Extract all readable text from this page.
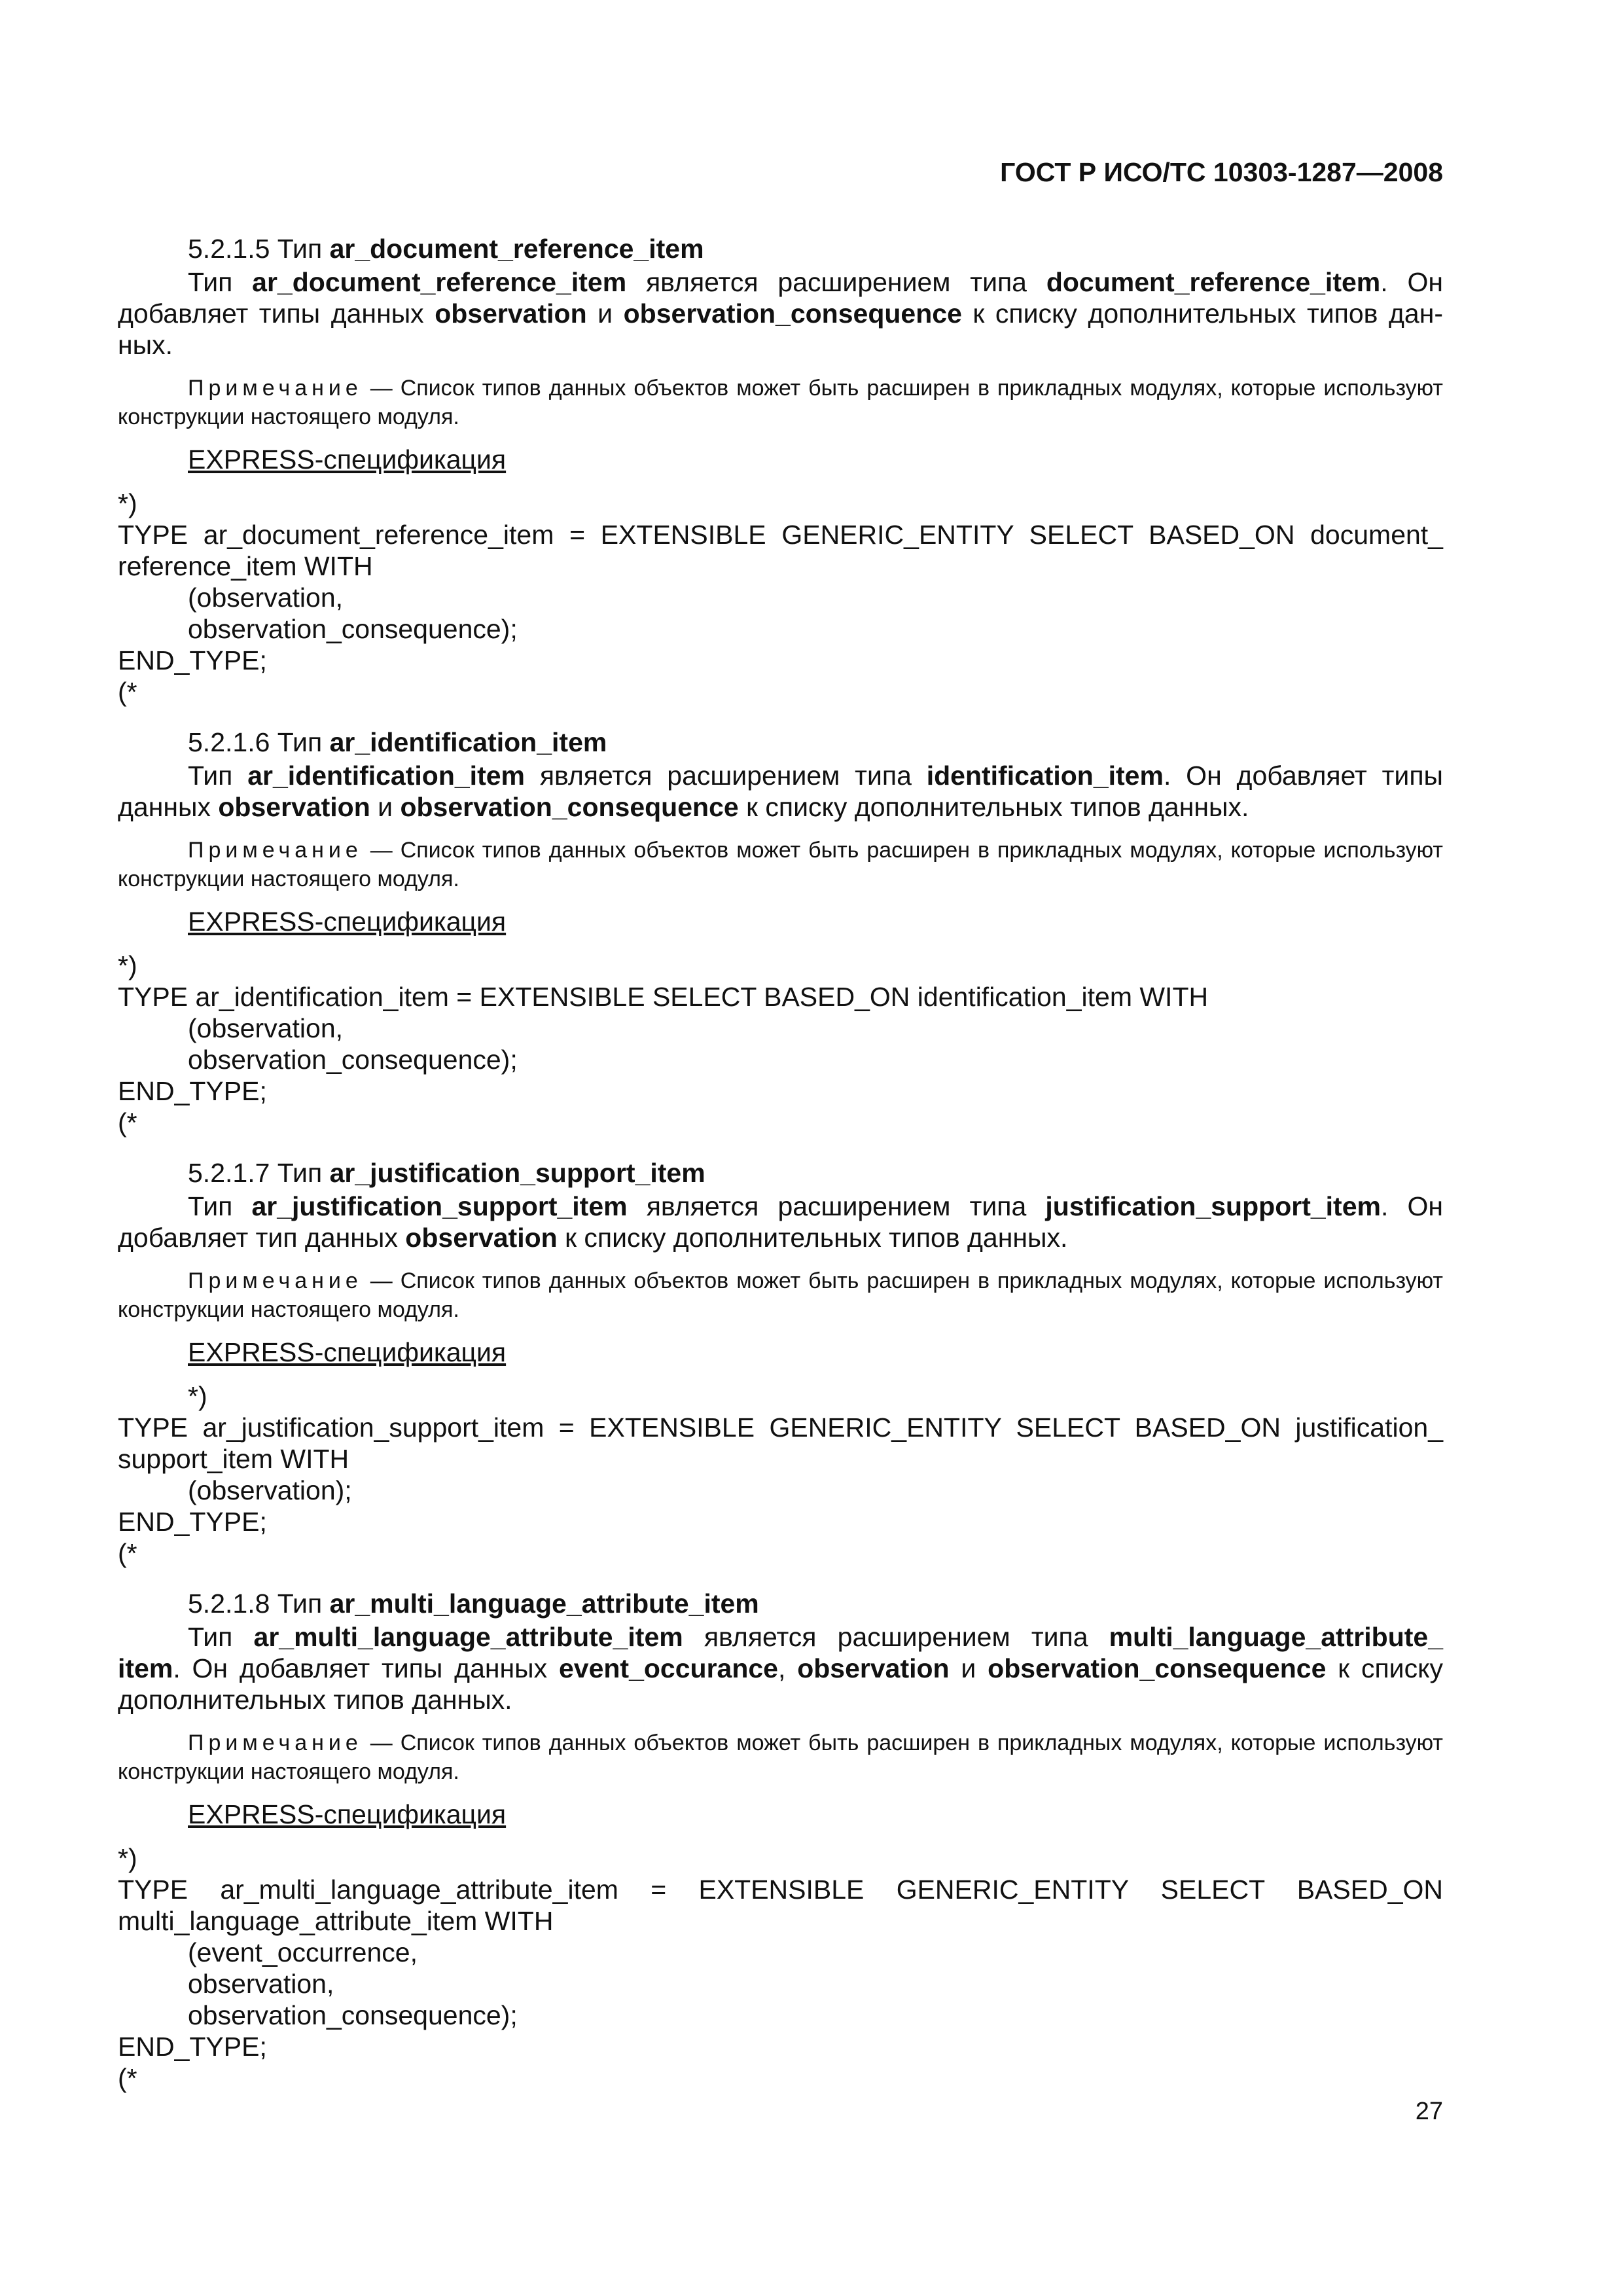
ГОСТ Р ИСО/ТС 10303-1287—2008
5.2.1.5 Тип ar_document_reference_item
Тип ar_document_reference_item является расширением типа document_reference_item. Он добавляет типы данных observation и observation_consequence к списку дополнительных типов дан-ных.
Примечание — Список типов данных объектов может быть расширен в прикладных модулях, которые используют конструкции настоящего модуля.
EXPRESS-спецификация
*)
TYPE ar_document_reference_item = EXTENSIBLE GENERIC_ENTITY SELECT BASED_ON document_
reference_item WITH
(observation,
observation_consequence);
END_TYPE;
(*
5.2.1.6 Тип ar_identification_item
Тип ar_identification_item является расширением типа identification_item. Он добавляет типы данных observation и observation_consequence к списку дополнительных типов данных.
Примечание — Список типов данных объектов может быть расширен в прикладных модулях, которые используют конструкции настоящего модуля.
EXPRESS-спецификация
*)
TYPE ar_identification_item = EXTENSIBLE SELECT BASED_ON identification_item WITH
(observation,
observation_consequence);
END_TYPE;
(*
5.2.1.7 Тип ar_justification_support_item
Тип ar_justification_support_item является расширением типа justification_support_item. Он добавляет тип данных observation к списку дополнительных типов данных.
Примечание — Список типов данных объектов может быть расширен в прикладных модулях, которые используют конструкции настоящего модуля.
EXPRESS-спецификация
*)
TYPE ar_justification_support_item = EXTENSIBLE GENERIC_ENTITY SELECT BASED_ON justification_
support_item WITH
(observation);
END_TYPE;
(*
5.2.1.8 Тип ar_multi_language_attribute_item
Тип ar_multi_language_attribute_item является расширением типа multi_language_attribute_ item. Он добавляет типы данных event_occurance, observation и observation_consequence к списку дополнительных типов данных.
Примечание — Список типов данных объектов может быть расширен в прикладных модулях, которые используют конструкции настоящего модуля.
EXPRESS-спецификация
*)
TYPE ar_multi_language_attribute_item = EXTENSIBLE GENERIC_ENTITY SELECT BASED_ON
multi_language_attribute_item WITH
(event_occurrence,
observation,
observation_consequence);
END_TYPE;
(*
27
